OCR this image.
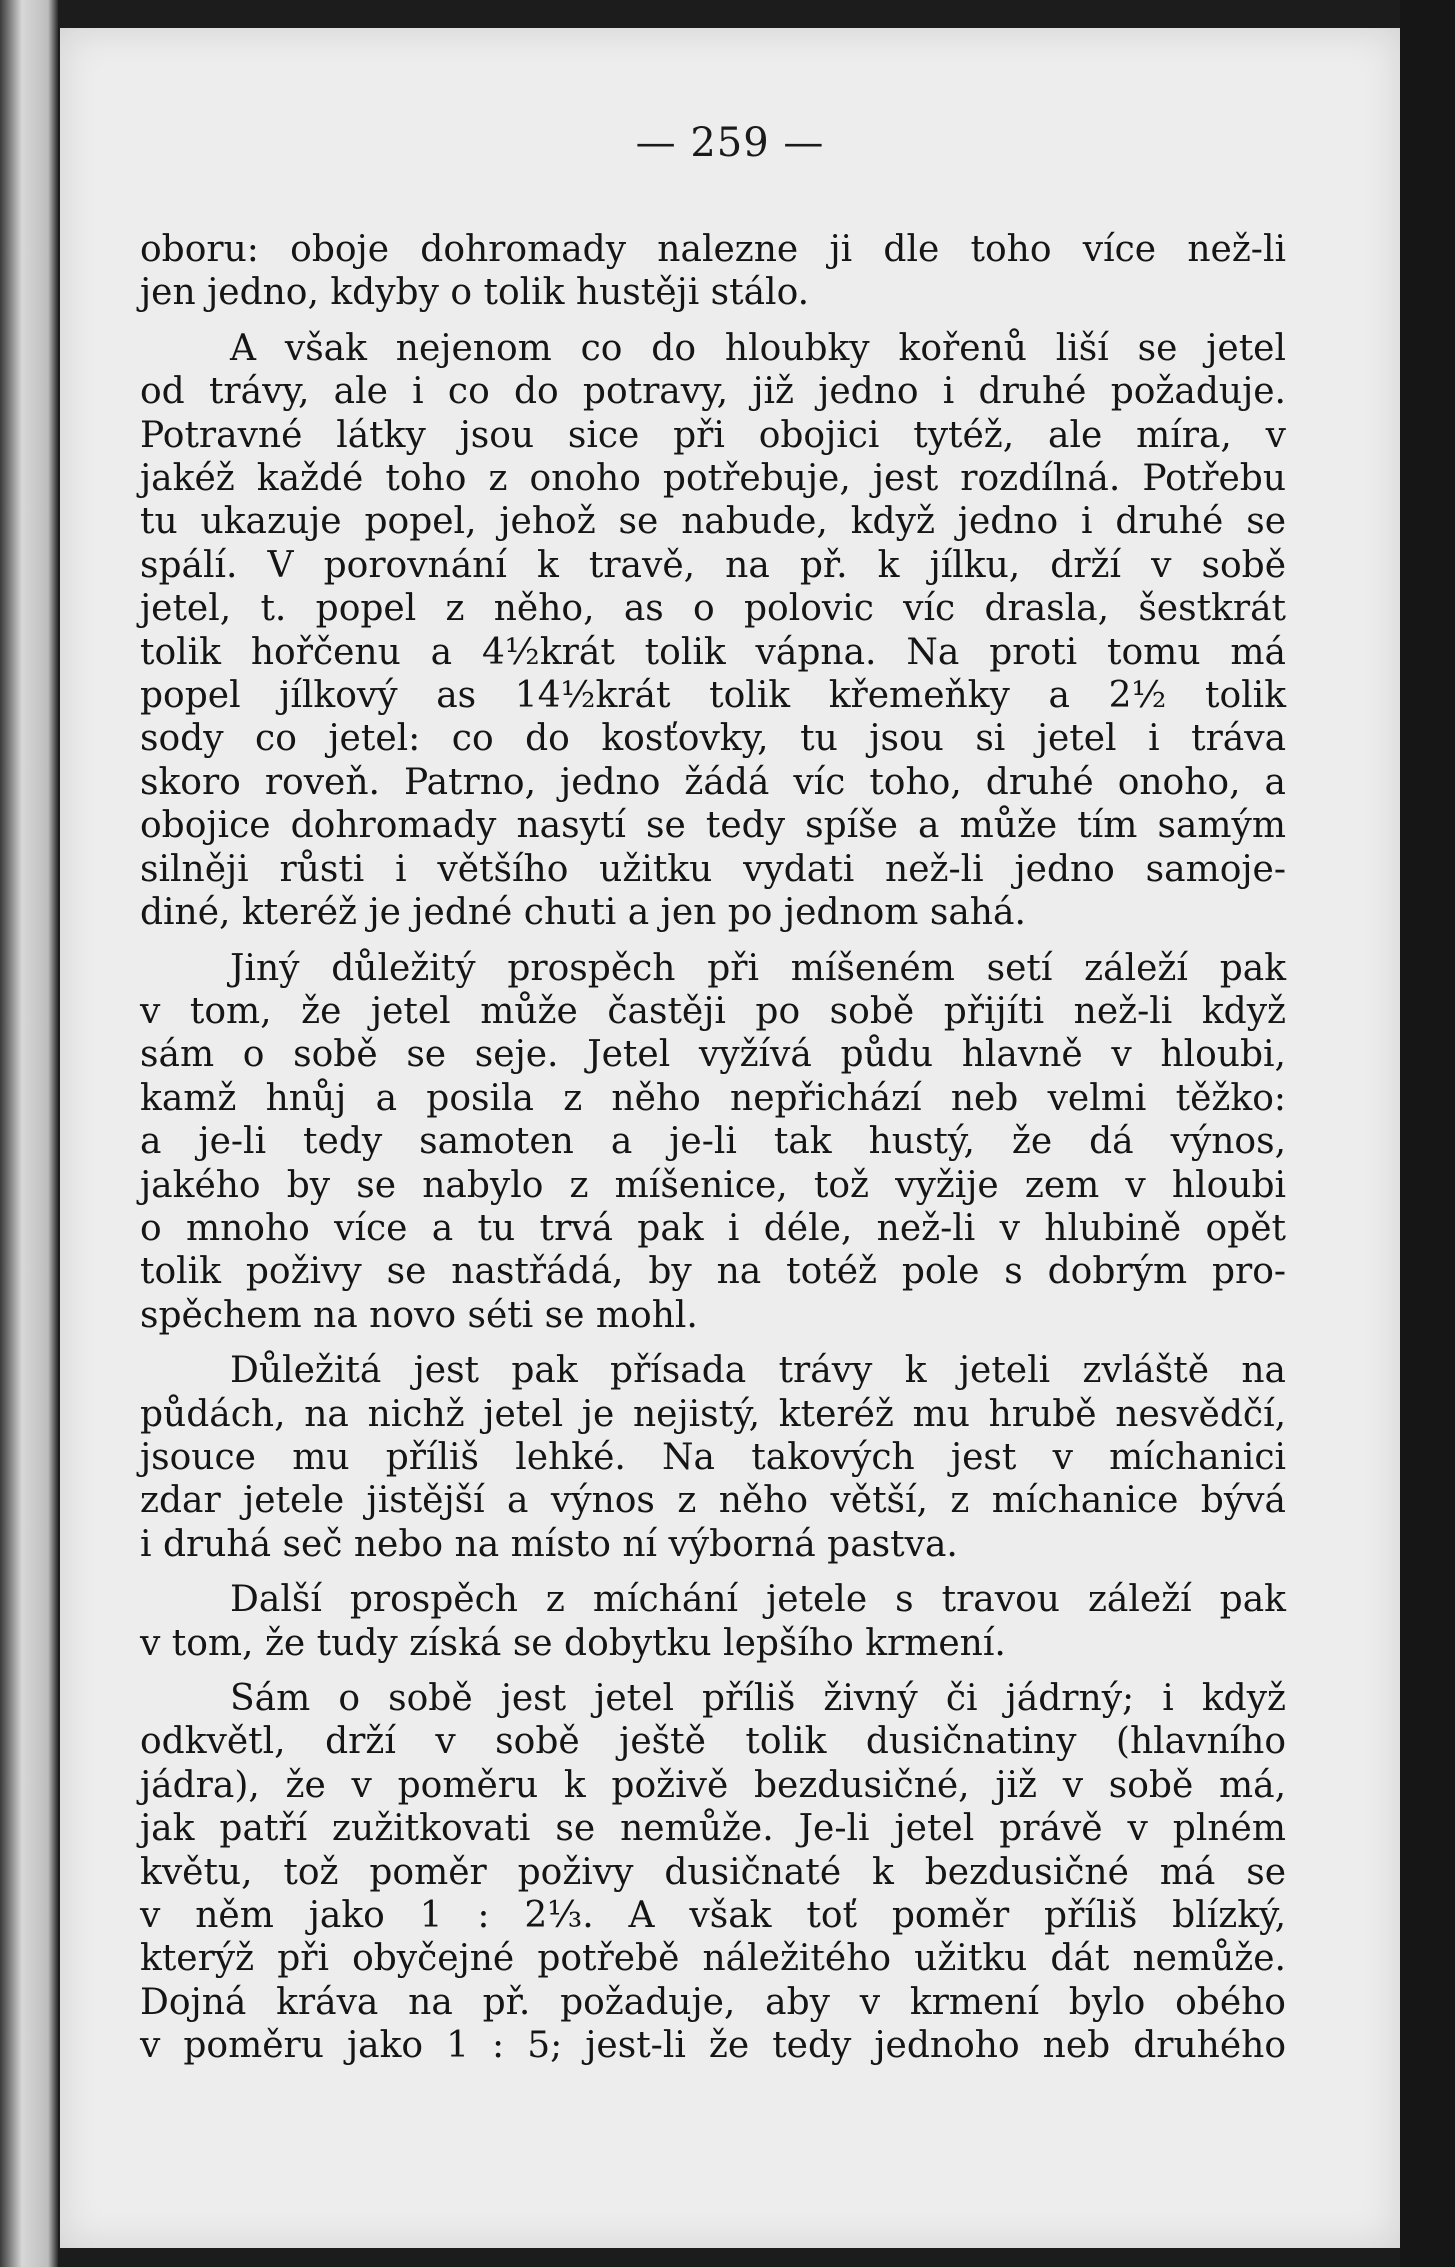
— 259 —

oboru: oboje dohromady nalezne ji dle toho více než-li
jen jedno, kdyby o tolik hustěji stálo.

A však nejenom co do hloubky kořenů liší se jetel
od trávy, ale i co do potravy, již jedno i druhé požaduje.
Potravné látky jsou sice při obojici tytéž, ale míra, v
jakéž každé toho z onoho potřebuje, jest rozdílná. Potřebu
tu ukazuje popel, jehož se nabude, když jedno i druhé se
spálí. V porovnání k travě, na př. k jílku, drží v sobě
jetel, t. popel z něho, as o polovic víc drasla, šestkrát
tolik hořčenu a 4½krát tolik vápna. Na proti tomu má
popel jílkový as 14½krát tolik křemeňky a 2½ tolik
sody co jetel: co do kosťovky, tu jsou si jetel i tráva
skoro roveň. Patrno, jedno žádá víc toho, druhé onoho, a
obojice dohromady nasytí se tedy spíše a může tím samým
silněji růsti i většího užitku vydati než-li jedno samoje-
diné, kteréž je jedné chuti a jen po jednom sahá.

Jiný důležitý prospěch při míšeném setí záleží pak
v tom, že jetel může častěji po sobě přijíti než-li když
sám o sobě se seje. Jetel vyžívá půdu hlavně v hloubi,
kamž hnůj a posila z něho nepřichází neb velmi těžko:
a je-li tedy samoten a je-li tak hustý, že dá výnos,
jakého by se nabylo z míšenice, tož vyžije zem v hloubi
o mnoho více a tu trvá pak i déle, než-li v hlubině opět
tolik poživy se nastřádá, by na totéž pole s dobrým pro-
spěchem na novo séti se mohl.

Důležitá jest pak přísada trávy k jeteli zvláště na
půdách, na nichž jetel je nejistý, kteréž mu hrubě nesvědčí,
jsouce mu příliš lehké. Na takových jest v míchanici
zdar jetele jistější a výnos z něho větší, z míchanice bývá
i druhá seč nebo na místo ní výborná pastva.

Další prospěch z míchání jetele s travou záleží pak
v tom, že tudy získá se dobytku lepšího krmení.

Sám o sobě jest jetel příliš živný či jádrný; i když
odkvětl, drží v sobě ještě tolik dusičnatiny (hlavního
jádra), že v poměru k poživě bezdusičné, již v sobě má,
jak patří zužitkovati se nemůže. Je-li jetel právě v plném
květu, tož poměr poživy dusičnaté k bezdusičné má se
v něm jako 1 : 2⅓. A však toť poměr příliš blízký,
kterýž při obyčejné potřebě náležitého užitku dát nemůže.
Dojná kráva na př. požaduje, aby v krmení bylo obého
v poměru jako 1 : 5; jest-li že tedy jednoho neb druhého
